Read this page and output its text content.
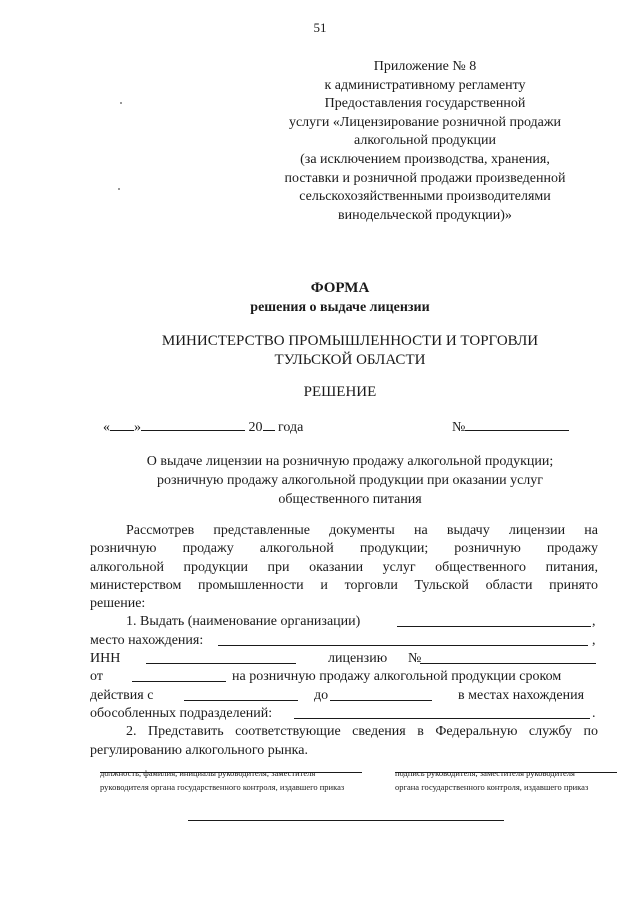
51
Приложение № 8
к административному регламенту
Предоставления государственной
услуги «Лицензирование розничной продажи
алкогольной продукции
(за исключением производства, хранения,
поставки и розничной продажи произведенной
сельскохозяйственными производителями
винодельческой продукции)»
ФОРМА
решения о выдаче лицензии
МИНИСТЕРСТВО ПРОМЫШЛЕННОСТИ И ТОРГОВЛИ
ТУЛЬСКОЙ ОБЛАСТИ
РЕШЕНИЕ
« »	20 года	№
О выдаче лицензии на розничную продажу алкогольной продукции;
розничную продажу алкогольной продукции при оказании услуг
общественного питания
Рассмотрев представленные документы на выдачу лицензии на
розничную продажу алкогольной продукции; розничную продажу
алкогольной продукции при оказании услуг общественного питания,
министерством промышленности и торговли Тульской области принято
решение:
1. Выдать (наименование организации)	,
место нахождения:	,
ИНН	лицензию №
от	на розничную продажу алкогольной продукции сроком
действия с	до	в местах нахождения
обособленных подразделений:	.
2. Представить соответствующие сведения в Федеральную службу по
регулированию алкогольного рынка.
должность, фамилия, инициалы руководителя, заместителя
руководителя органа государственного контроля, издавшего приказ
подпись руководителя, заместителя руководителя
органа государственного контроля, издавшего приказ
